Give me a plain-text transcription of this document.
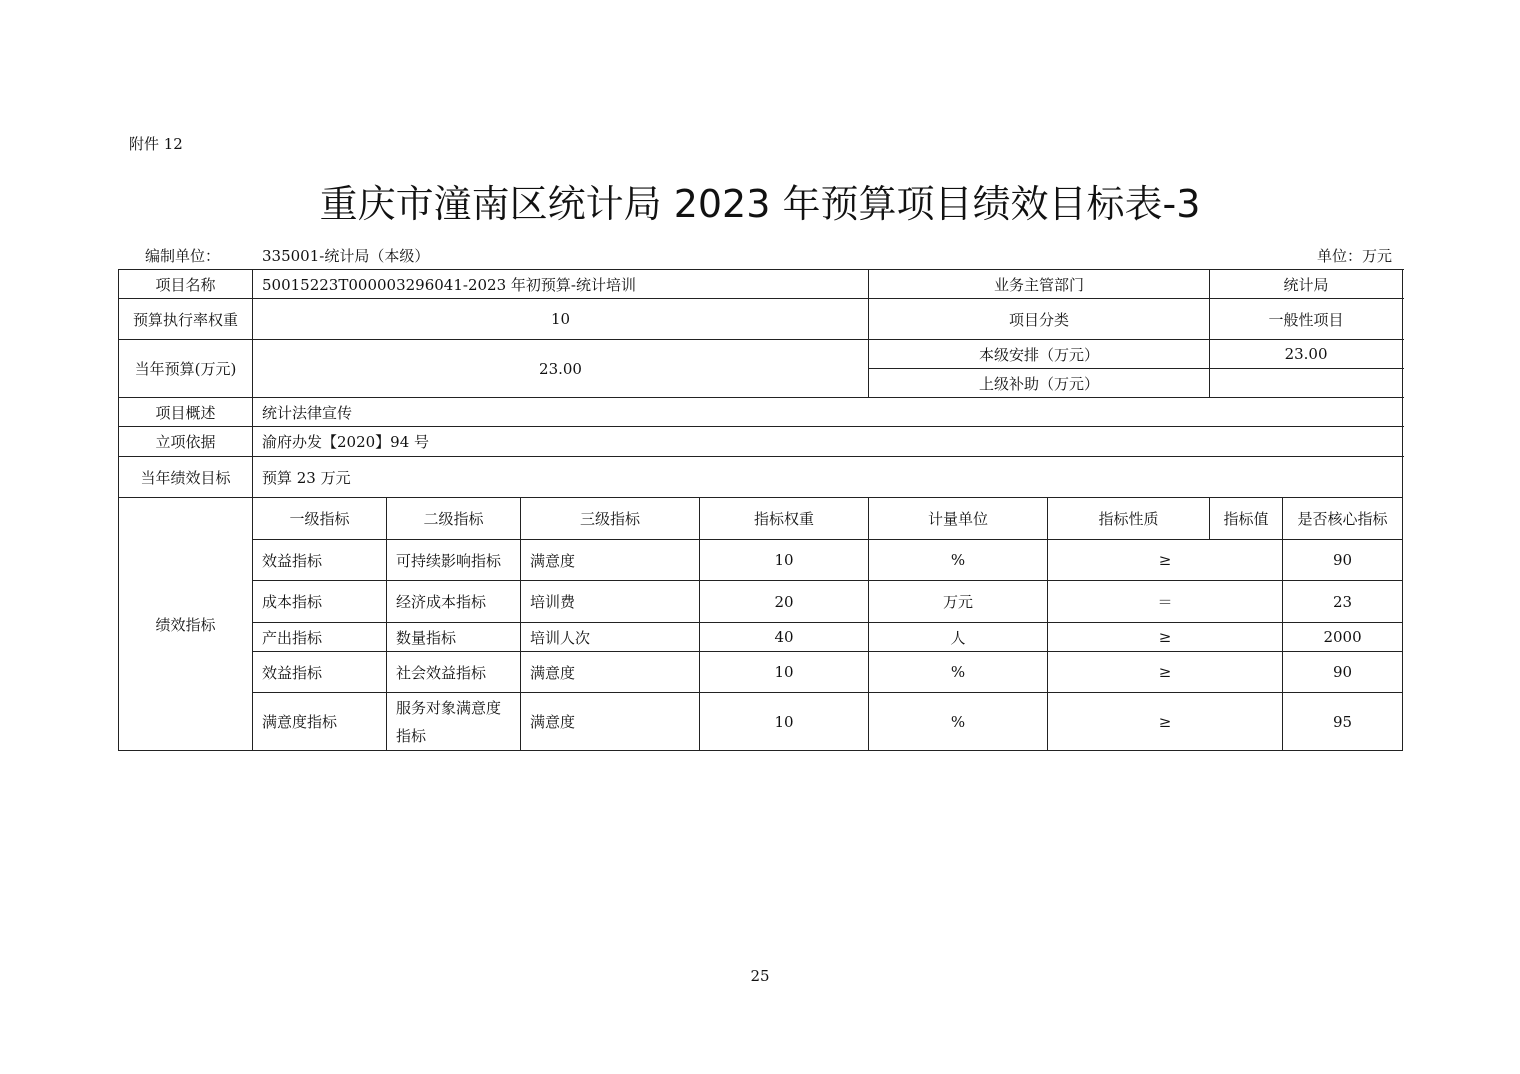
附件 12
重庆市潼南区统计局 2023 年预算项目绩效目标表-3
编制单位：	335001-统计局（本级）	单位：万元
项目名称	50015223T000003296041-2023 年初预算-统计培训				业务主管部门		统计局		
预算执行率权重	10				项目分类		一般性项目		
当年预算(万元)	23.00				本级安排（万元）		23.00		
					上级补助（万元）				
项目概述	统计法律宣传								
立项依据	渝府办发【2020】94 号								
当年绩效目标	预算 23 万元								
绩效指标	一级指标	二级指标	三级指标	指标权重	计量单位	指标性质	指标值	是否核心指标	
	效益指标	可持续影响指标	满意度	10	%	≥		90	
	成本指标	经济成本指标	培训费	20	万元	＝		23	
	产出指标	数量指标	培训人次	40	人	≥		2000	
	效益指标	社会效益指标	满意度	10	%	≥		90	
	满意度指标	服务对象满意度指标	满意度	10	%	≥		95	
25
